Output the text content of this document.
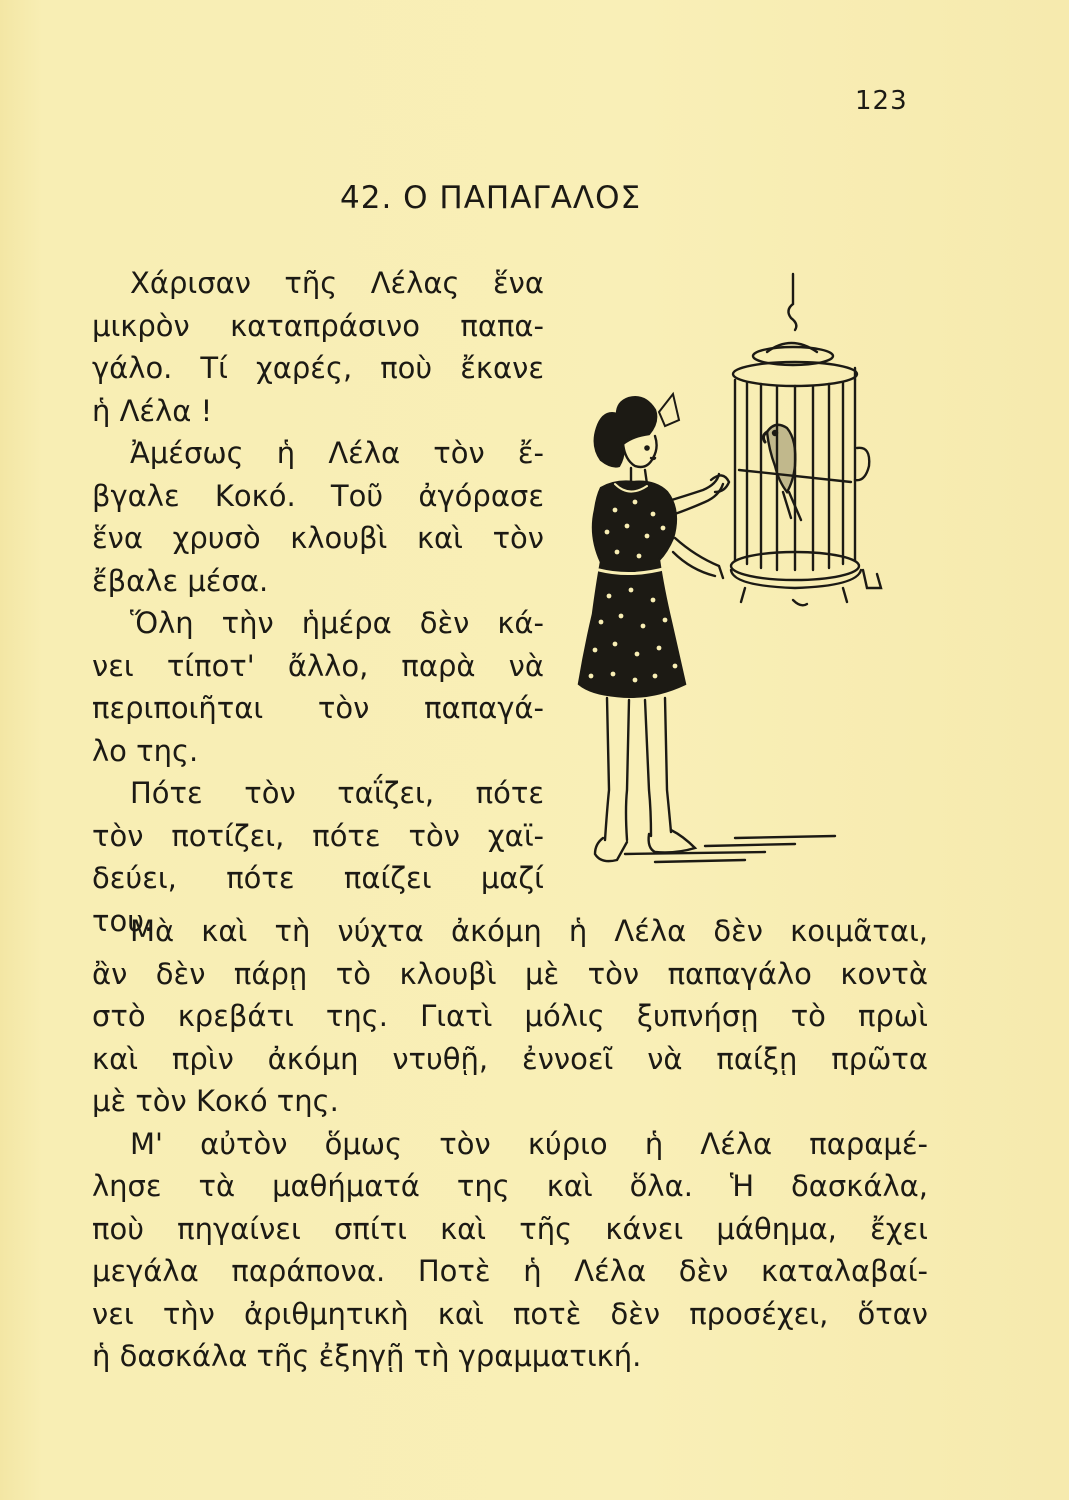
123
42. Ο ΠΑΠΑΓΑΛΟΣ
Χάρισαν τῆς Λέλας ἕνα
μικρὸν καταπράσινο παπα-
γάλο. Τί χαρές, ποὺ ἔκανε
ἡ Λέλα !
Ἀμέσως ἡ Λέλα τὸν ἔ-
βγαλε Κοκό. Τοῦ ἀγόρασε
ἕνα χρυσὸ κλουβὶ καὶ τὸν
ἔβαλε μέσα.
Ὅλη τὴν ἡμέρα δὲν κά-
νει τίποτ' ἄλλο, παρὰ νὰ
περιποιῆται τὸν παπαγά-
λο της.
Πότε τὸν ταΐζει, πότε
τὸν ποτίζει, πότε τὸν χαϊ-
δεύει, πότε παίζει μαζί
του.
Μὰ καὶ τὴ νύχτα ἀκόμη ἡ Λέλα δὲν κοιμᾶται,
ἂν δὲν πάρῃ τὸ κλουβὶ μὲ τὸν παπαγάλο κοντὰ
στὸ κρεβάτι της. Γιατὶ μόλις ξυπνήσῃ τὸ πρωὶ
καὶ πρὶν ἀκόμη ντυθῇ, ἐννοεῖ νὰ παίξῃ πρῶτα
μὲ τὸν Κοκό της.
Μ' αὐτὸν ὅμως τὸν κύριο ἡ Λέλα παραμέ-
λησε τὰ μαθήματά της καὶ ὅλα. Ἡ δασκάλα,
ποὺ πηγαίνει σπίτι καὶ τῆς κάνει μάθημα, ἔχει
μεγάλα παράπονα. Ποτὲ ἡ Λέλα δὲν καταλαβαί-
νει τὴν ἀριθμητικὴ καὶ ποτὲ δὲν προσέχει, ὅταν
ἡ δασκάλα τῆς ἐξηγῇ τὴ γραμματική.
